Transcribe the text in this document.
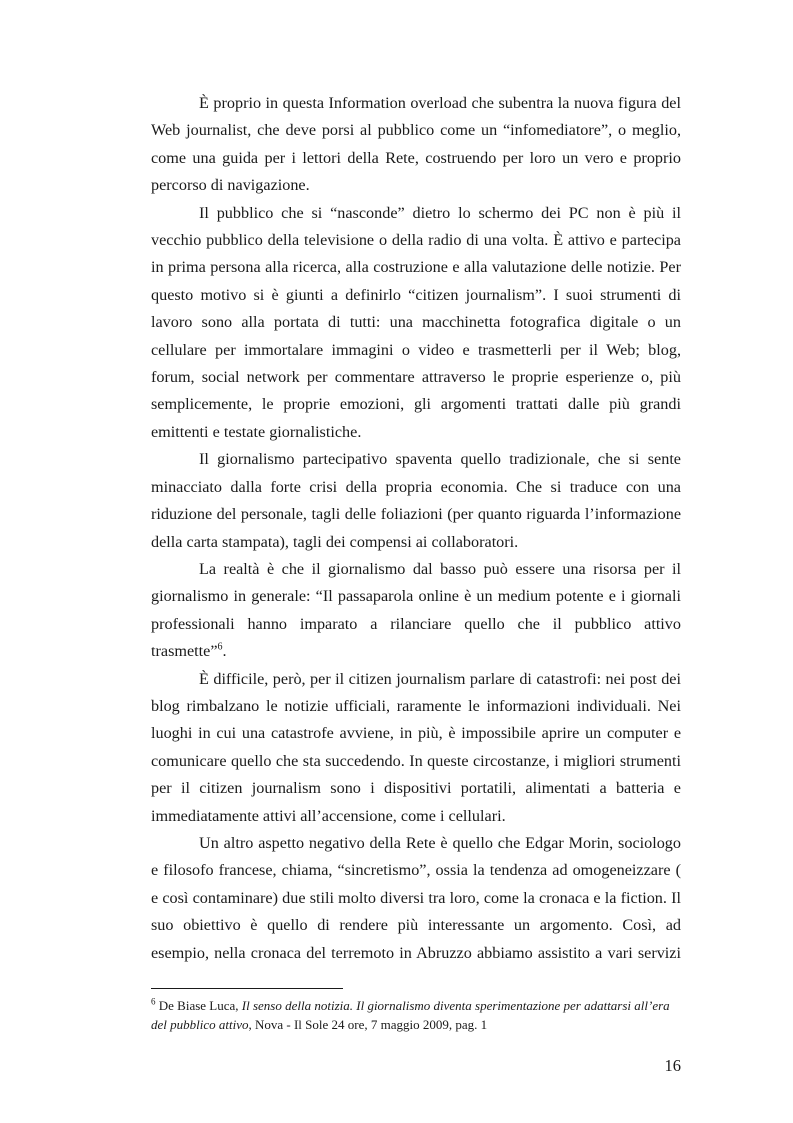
È proprio in questa Information overload che subentra la nuova figura del Web journalist, che deve porsi al pubblico come un “infomediatore”, o meglio, come una guida per i lettori della Rete, costruendo per loro un vero e proprio percorso di navigazione.

Il pubblico che si “nasconde” dietro lo schermo dei PC non è più il vecchio pubblico della televisione o della radio di una volta. È attivo e partecipa in prima persona alla ricerca, alla costruzione e alla valutazione delle notizie. Per questo motivo si è giunti a definirlo “citizen journalism”. I suoi strumenti di lavoro sono alla portata di tutti: una macchinetta fotografica digitale o un cellulare per immortalare immagini o video e trasmetterli per il Web; blog, forum, social network per commentare attraverso le proprie esperienze o, più semplicemente, le proprie emozioni, gli argomenti trattati dalle più grandi emittenti e testate giornalistiche.

Il giornalismo partecipativo spaventa quello tradizionale, che si sente minacciato dalla forte crisi della propria economia. Che si traduce con una riduzione del personale, tagli delle foliazioni (per quanto riguarda l’informazione della carta stampata), tagli dei compensi ai collaboratori.

La realtà è che il giornalismo dal basso può essere una risorsa per il giornalismo in generale: “Il passaparola online è un medium potente e i giornali professionali hanno imparato a rilanciare quello che il pubblico attivo trasmette”$^6$.

È difficile, però, per il citizen journalism parlare di catastrofi: nei post dei blog rimbalzano le notizie ufficiali, raramente le informazioni individuali. Nei luoghi in cui una catastrofe avviene, in più, è impossibile aprire un computer e comunicare quello che sta succedendo. In queste circostanze, i migliori strumenti per il citizen journalism sono i dispositivi portatili, alimentati a batteria e immediatamente attivi all’accensione, come i cellulari.

Un altro aspetto negativo della Rete è quello che Edgar Morin, sociologo e filosofo francese, chiama, “sincretismo”, ossia la tendenza ad omogeneizzare ( e così contaminare) due stili molto diversi tra loro, come la cronaca e la fiction. Il suo obiettivo è quello di rendere più interessante un argomento. Così, ad esempio, nella cronaca del terremoto in Abruzzo abbiamo assistito a vari servizi

$^6$ De Biase Luca, Il senso della notizia. Il giornalismo diventa sperimentazione per adattarsi all’era del pubblico attivo, Nova - Il Sole 24 ore, 7 maggio 2009, pag. 1
16
